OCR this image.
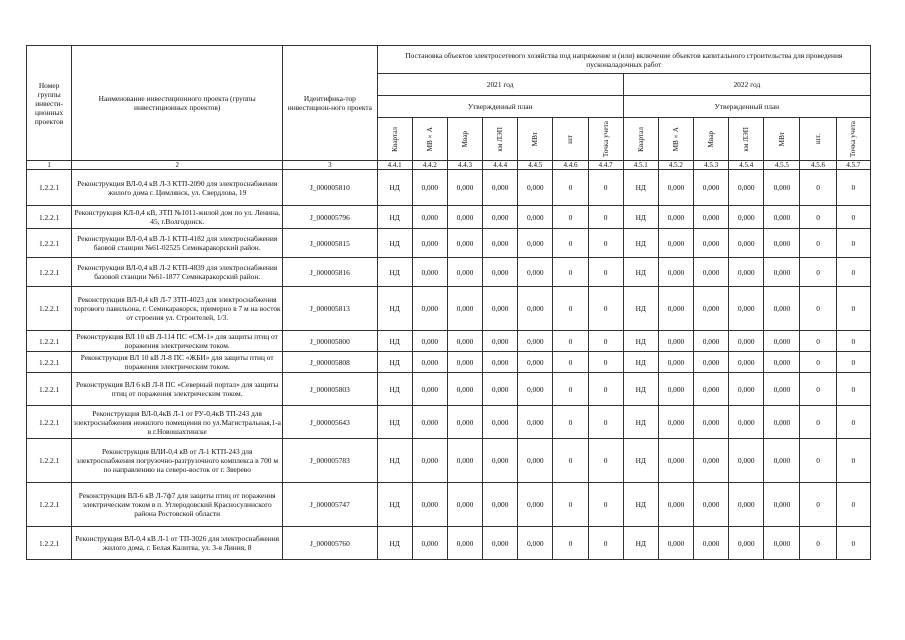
Номер группы инвести-ционных проектов	Наименование инвестиционного проекта (группы инвестиционных проектов)	Идентифика-тор инвестицион-ного проекта	Постановка объектов электросетевого хозяйства под напряжение и (или) включение объектов капитального строительства для проведения пусконаладочных работ													
			2021 год							2022 год						
			Утвержденный план							Утвержденный план						

			Квартал	МВ×А	Мвар	км ЛЭП	МВт	шт	Точка учета	Квартал	МВ×А	Мвар	км ЛЭП	МВт	шт.	Точка учета

1	2	3	4.4.1	4.4.2	4.4.3	4.4.4	4.4.5	4.4.6	4.4.7	4.5.1	4.5.2	4.5.3	4.5.4	4.5.5	4.5.6	4.5.7
1.2.2.1	Реконструкция ВЛ-0,4 кВ Л-3 КТП-2090 для электроснабжения жилого дома г. Цимлянск, ул. Свердлова, 19	J_000005810	НД	0,000	0,000	0,000	0,000	0	0	НД	0,000	0,000	0,000	0,000	0	0
1.2.2.1	Реконструкция КЛ-0,4 кВ, ЗТП №1011-жилой дом по ул. Ленина, 45, г.Волгодонск.	J_000005796	НД	0,000	0,000	0,000	0,000	0	0	НД	0,000	0,000	0,000	0,000	0	0
1.2.2.1	Реконструкция ВЛ-0,4 кВ Л-1 КТП-4182 для электроснабжения баовой станции №61-02525 Семикаракорский район.	J_000005815	НД	0,000	0,000	0,000	0,000	0	0	НД	0,000	0,000	0,000	0,000	0	0
1.2.2.1	Реконструкция ВЛ-0,4 кВ Л-2 КТП-4839 для электроснабжения базовой станции №61-1877 Семикаракорский район.	J_000005816	НД	0,000	0,000	0,000	0,000	0	0	НД	0,000	0,000	0,000	0,000	0	0
1.2.2.1	Реконструкция ВЛ-0,4 кВ Л-7 ЗТП-4023 для электроснабжения торгового павильона, г. Семикаракорск, примерно в 7 м на восток от строения ул. Строителей, 1/3.	J_000005813	НД	0,000	0,000	0,000	0,000	0	0	НД	0,000	0,000	0,000	0,000	0	0
1.2.2.1	Реконструкция ВЛ 10 кВ Л-114 ПС «СМ-1» для защиты птиц от поражения электрическим током.	J_000005800	НД	0,000	0,000	0,000	0,000	0	0	НД	0,000	0,000	0,000	0,000	0	0
1.2.2.1	Реконструкция ВЛ 10 кВ Л-8 ПС «ЖБИ» для защиты птиц от поражения электрическим током.	J_000005808	НД	0,000	0,000	0,000	0,000	0	0	НД	0,000	0,000	0,000	0,000	0	0
1.2.2.1	Реконструкция ВЛ 6 кВ Л-8 ПС «Северный портал» для защиты птиц от поражения электрическим током.	J_000005803	НД	0,000	0,000	0,000	0,000	0	0	НД	0,000	0,000	0,000	0,000	0	0
1.2.2.1	Реконструкция ВЛ-0,4кВ Л-1 от РУ-0,4кВ ТП-243 для электроснабжения нежилого помещения по ул.Магистральная,1-а в г.Новошахтинске	J_000005643	НД	0,000	0,000	0,000	0,000	0	0	НД	0,000	0,000	0,000	0,000	0	0
1.2.2.1	Реконструкция ВЛИ-0,4 кВ от Л-1 КТП-243 для электроснабжения погрузочно-разгрузочного комплекса в 700 м по направлению на северо-восток от г. Зверево	J_000005783	НД	0,000	0,000	0,000	0,000	0	0	НД	0,000	0,000	0,000	0,000	0	0
1.2.2.1	Реконструкция ВЛ-6 кВ Л-7ф7 для защиты птиц от поражения электрическим током в п. Углеродовский Красносулинского района Ростовской области	J_000005747	НД	0,000	0,000	0,000	0,000	0	0	НД	0,000	0,000	0,000	0,000	0	0
1.2.2.1	Реконструкция ВЛ-0,4 кВ Л-1 от ТП-3026 для электроснабжения жилого дома, г. Белая Калитва, ул. 3-я Линия, 8	J_000005760	НД	0,000	0,000	0,000	0,000	0	0	НД	0,000	0,000	0,000	0,000	0	0
